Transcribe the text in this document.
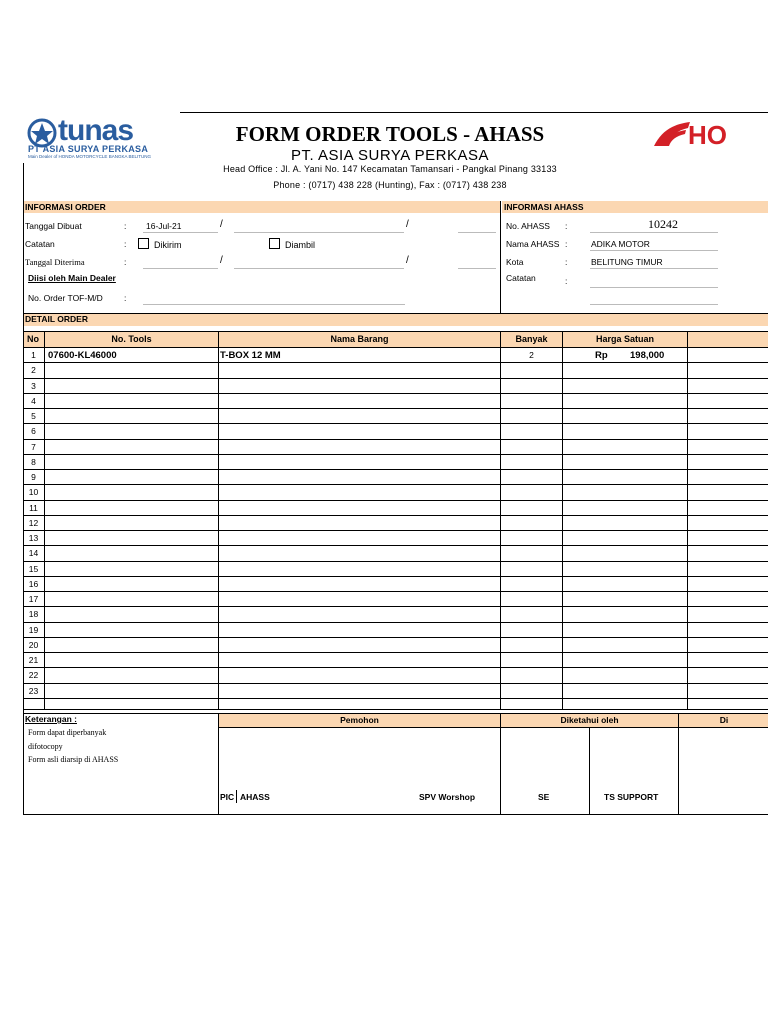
tunas
PT ASIA SURYA PERKASA
Main Dealer of HONDA MOTORCYCLE BANGKA BELITUNG
HO
FORM ORDER TOOLS - AHASS
PT. ASIA SURYA PERKASA
Head Office : Jl. A. Yani No. 147 Kecamatan Tamansari - Pangkal Pinang 33133
Phone : (0717) 438 228 (Hunting), Fax : (0717) 438 238
INFORMASI ORDER	INFORMASI AHASS
Tanggal Dibuat	: 16-Jul-21	/	/
Catatan	:	Dikirim	Diambil
Tanggal Diterima	:	/	/
Diisi oleh Main Dealer
No. Order TOF-M/D :
No. AHASS :	10242
Nama AHASS :	ADIKA MOTOR
Kota	:	BELITUNG TIMUR
Catatan	:
DETAIL ORDER
No	No. Tools	Nama Barang	Banyak	Harga Satuan
1	07600-KL46000	T-BOX 12 MM	2	Rp 198,000
2
3
4
5
6
7
8
9
10
11
12
13
14
15
16
17
18
19
20
21
22
23
Keterangan :	Pemohon	Diketahui oleh	Di
Form dapat diperbanyak
difotocopy
Form asli diarsip di AHASS
PIC AHASS	SPV Worshop	SE	TS SUPPORT
